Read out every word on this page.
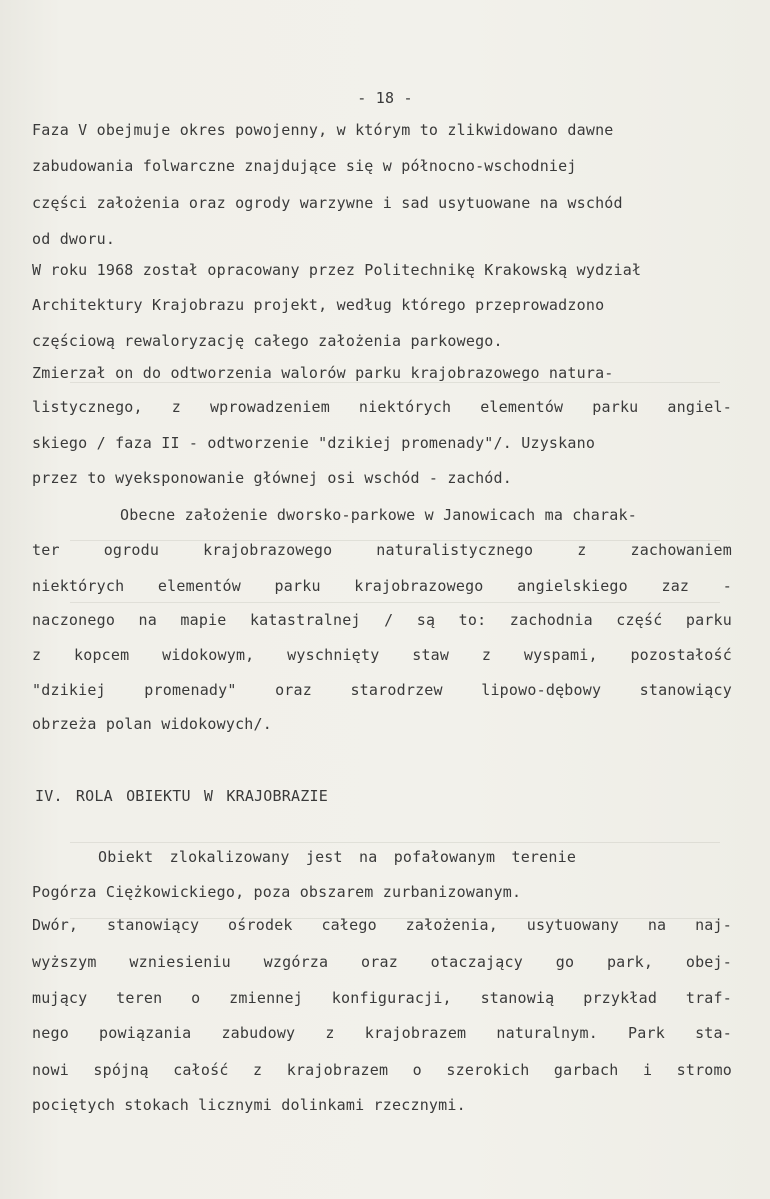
- 18 -
Faza V obejmuje okres powojenny, w którym to zlikwidowano dawne
zabudowania folwarczne znajdujące się w północno-wschodniej
części założenia oraz ogrody warzywne i sad usytuowane na wschód
od dworu.
W roku 1968 został opracowany przez Politechnikę Krakowską wydział
Architektury Krajobrazu projekt, według którego przeprowadzono
częściową rewaloryzację całego założenia parkowego.
Zmierzał on do odtworzenia walorów parku krajobrazowego natura-
listycznego, z wprowadzeniem niektórych elementów parku angiel-
skiego / faza II - odtworzenie "dzikiej promenady"/. Uzyskano
przez to wyeksponowanie głównej osi wschód - zachód.
Obecne założenie dworsko-parkowe w Janowicach ma charak-
ter ogrodu krajobrazowego naturalistycznego z zachowaniem
niektórych elementów parku krajobrazowego angielskiego zaz -
naczonego na mapie katastralnej / są to: zachodnia część parku
z kopcem widokowym, wyschnięty staw z wyspami, pozostałość
"dzikiej promenady" oraz starodrzew lipowo-dębowy stanowiący
obrzeża polan widokowych/.
IV. ROLA OBIEKTU W KRAJOBRAZIE
Obiekt zlokalizowany jest na pofałowanym terenie
Pogórza Ciężkowickiego, poza obszarem zurbanizowanym.
Dwór, stanowiący ośrodek całego założenia, usytuowany na naj-
wyższym wzniesieniu wzgórza oraz otaczający go park, obej-
mujący teren o zmiennej konfiguracji, stanowią przykład traf-
nego powiązania zabudowy z krajobrazem naturalnym. Park sta-
nowi spójną całość z krajobrazem o szerokich garbach i stromo
pociętych stokach licznymi dolinkami rzecznymi.
